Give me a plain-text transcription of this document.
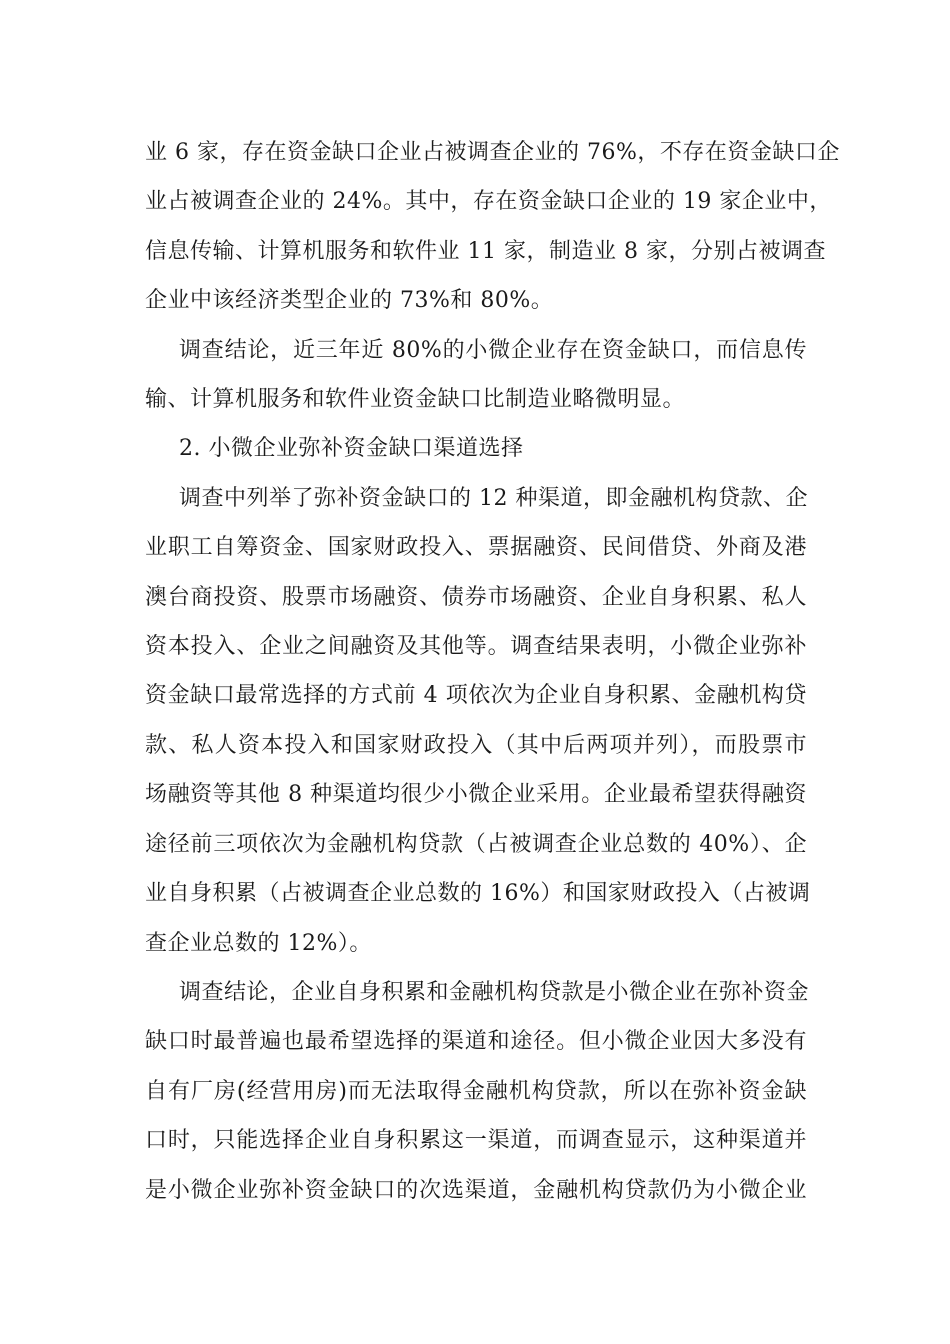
业 6 家，存在资金缺口企业占被调查企业的 76%，不存在资金缺口企
业占被调查企业的 24%。其中，存在资金缺口企业的 19 家企业中，
信息传输、计算机服务和软件业 11 家，制造业 8 家，分别占被调查
企业中该经济类型企业的 73%和 80%。
调查结论，近三年近 80%的小微企业存在资金缺口，而信息传
输、计算机服务和软件业资金缺口比制造业略微明显。
2. 小微企业弥补资金缺口渠道选择
调查中列举了弥补资金缺口的 12 种渠道，即金融机构贷款、企
业职工自筹资金、国家财政投入、票据融资、民间借贷、外商及港
澳台商投资、股票市场融资、债券市场融资、企业自身积累、私人
资本投入、企业之间融资及其他等。调查结果表明，小微企业弥补
资金缺口最常选择的方式前 4 项依次为企业自身积累、金融机构贷
款、私人资本投入和国家财政投入（其中后两项并列），而股票市
场融资等其他 8 种渠道均很少小微企业采用。企业最希望获得融资
途径前三项依次为金融机构贷款（占被调查企业总数的 40%）、企
业自身积累（占被调查企业总数的 16%）和国家财政投入（占被调
查企业总数的 12%）。
调查结论，企业自身积累和金融机构贷款是小微企业在弥补资金
缺口时最普遍也最希望选择的渠道和途径。但小微企业因大多没有
自有厂房(经营用房)而无法取得金融机构贷款，所以在弥补资金缺
口时，只能选择企业自身积累这一渠道，而调查显示，这种渠道并
是小微企业弥补资金缺口的次选渠道，金融机构贷款仍为小微企业
